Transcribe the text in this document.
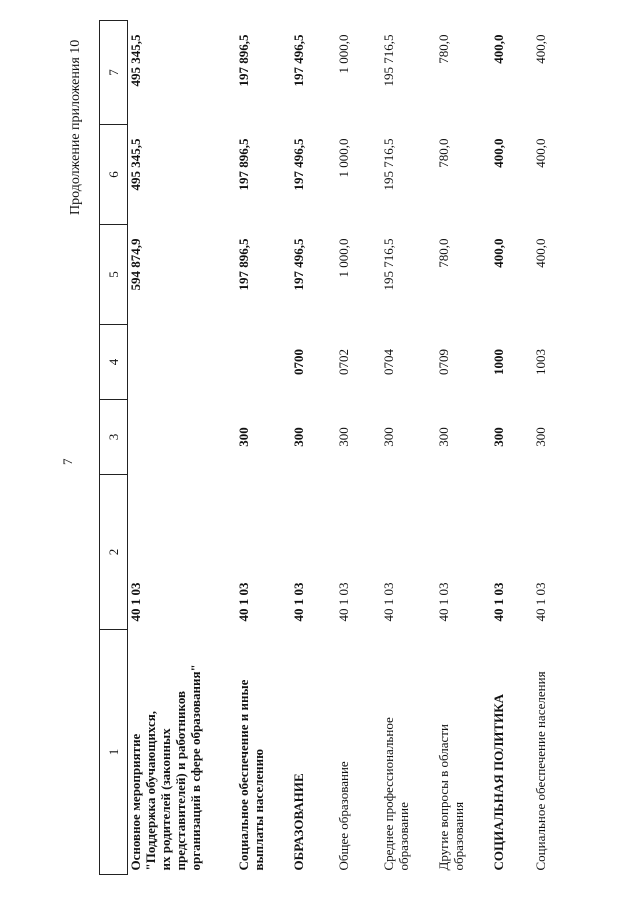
7
Продолжение приложения 10
1	2	3	4	5	6	7

Основное мероприятие "Поддержка обучающихся, их родителей (законных представителей) и работников организаций в сфере образования"	40 1 03			594 874,9	495 345,5	495 345,5

Социальное обеспечение и иные выплаты населению	40 1 03	300		197 896,5	197 896,5	197 896,5

ОБРАЗОВАНИЕ	40 1 03	300	0700	197 496,5	197 496,5	197 496,5

Общее образование	40 1 03	300	0702	1 000,0	1 000,0	1 000,0

Среднее профессиональное образование	40 1 03	300	0704	195 716,5	195 716,5	195 716,5

Другие вопросы в области образования	40 1 03	300	0709	780,0	780,0	780,0

СОЦИАЛЬНАЯ ПОЛИТИКА	40 1 03	300	1000	400,0	400,0	400,0

Социальное обеспечение населения	40 1 03	300	1003	400,0	400,0	400,0
